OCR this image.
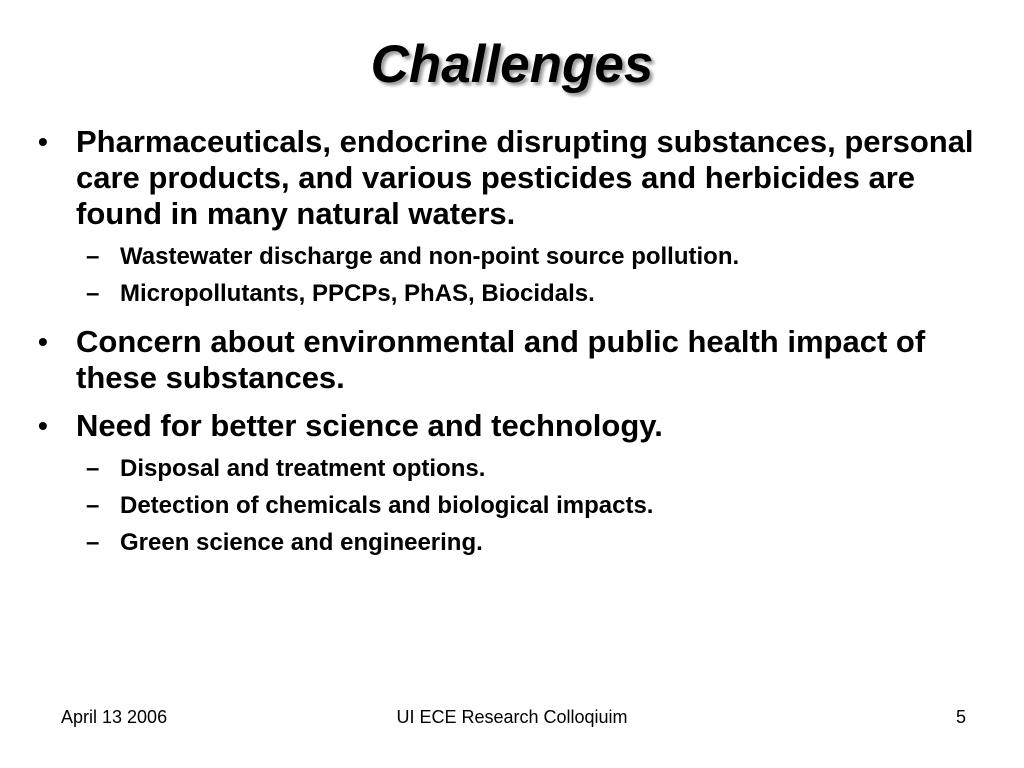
Challenges
• Pharmaceuticals, endocrine disrupting substances, personal care products, and various pesticides and herbicides are found in many natural waters.
– Wastewater discharge and non-point source pollution.
– Micropollutants, PPCPs, PhAS, Biocidals.
• Concern about environmental and public health impact of these substances.
• Need for better science and technology.
– Disposal and treatment options.
– Detection of chemicals and biological impacts.
– Green science and engineering.
April 13 2006	UI ECE Research Colloqiuim	5
